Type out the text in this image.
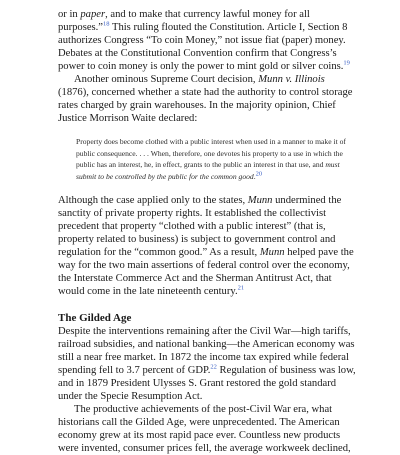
or in paper, and to make that currency lawful money for all purposes.”$^{18}$ This ruling flouted the Constitution. Article I, Section 8 authorizes Congress “To coin Money,” not issue fiat (paper) money. Debates at the Constitutional Convention confirm that Congress’s power to coin money is only the power to mint gold or silver coins.$^{19}$

Another ominous Supreme Court decision, Munn v. Illinois (1876), concerned whether a state had the authority to control storage rates charged by grain warehouses. In the majority opinion, Chief Justice Morrison Waite declared:

Property does become clothed with a public interest when used in a manner to make it of public consequence. . . . When, therefore, one devotes his property to a use in which the public has an interest, he, in effect, grants to the public an interest in that use, and must submit to be controlled by the public for the common good.20

Although the case applied only to the states, Munn undermined the sanctity of private property rights. It established the collectivist precedent that property “clothed with a public interest” (that is, property related to business) is subject to government control and regulation for the “common good.” As a result, Munn helped pave the way for the two main assertions of federal control over the economy, the Interstate Commerce Act and the Sherman Antitrust Act, that would come in the late nineteenth century.$^{21}$

The Gilded Age

Despite the interventions remaining after the Civil War—high tariffs, railroad subsidies, and national banking—the American economy was still a near free market. In 1872 the income tax expired while federal spending fell to 3.7 percent of GDP.$^{22}$ Regulation of business was low, and in 1879 President Ulysses S. Grant restored the gold standard under the Specie Resumption Act.

The productive achievements of the post-Civil War era, what historians call the Gilded Age, were unprecedented. The American economy grew at its most rapid pace ever. Countless new products were invented, consumer prices fell, the average workweek declined,
